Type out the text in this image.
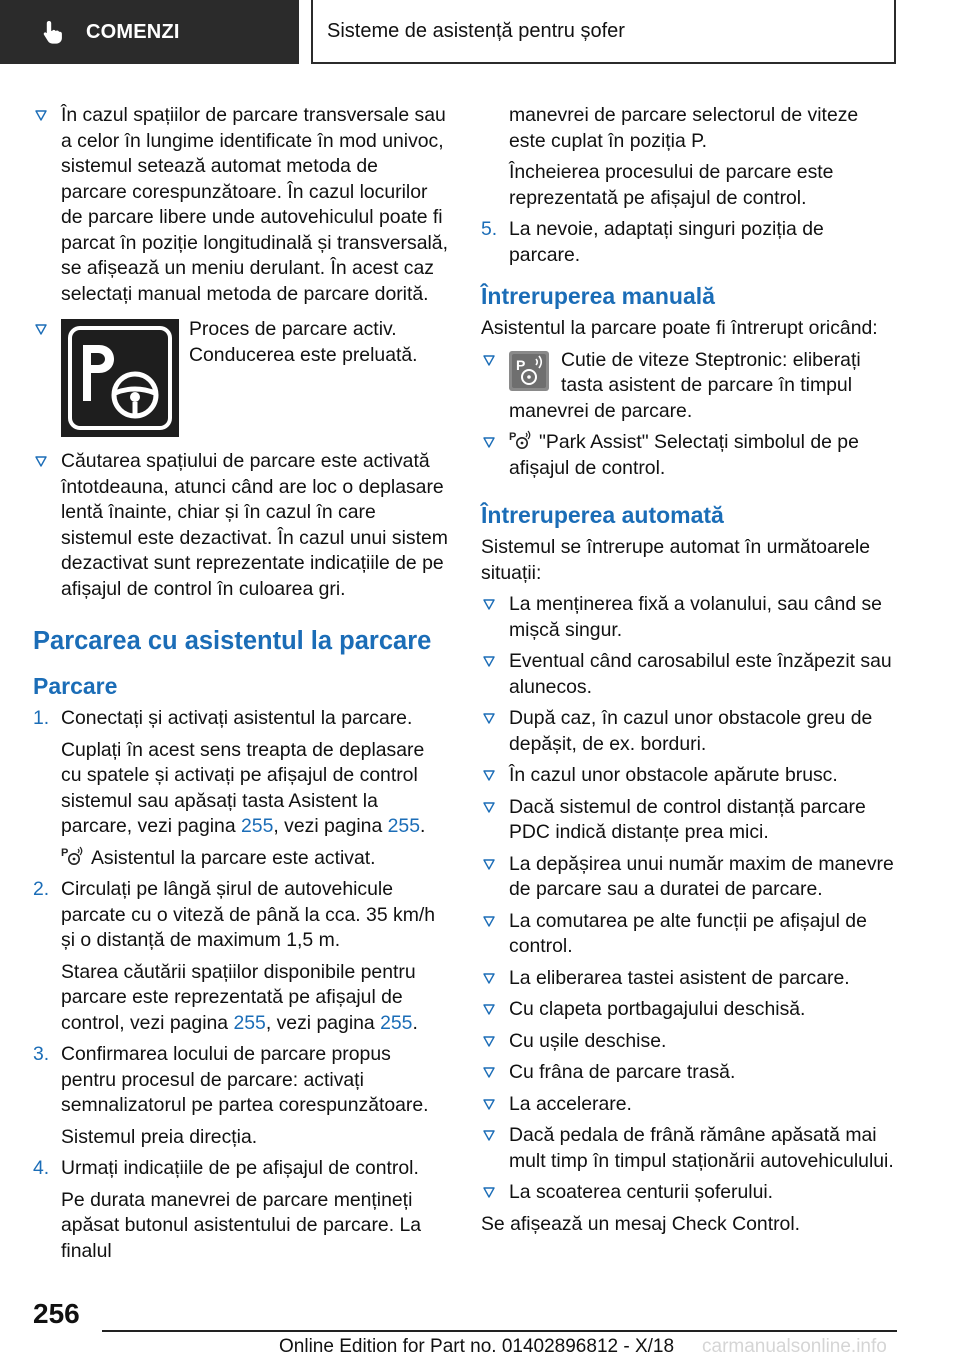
COMENZI	Sisteme de asistență pentru șofer
În cazul spațiilor de parcare transversale sau a celor în lungime identificate în mod univoc, sistemul setează automat metoda de parcare corespunzătoare. În cazul locurilor de parcare libere unde autovehiculul poate fi parcat în poziție longitudinală și transversală, se afișează un meniu derulant. În acest caz selectați manual metoda de parcare dorită.
Proces de parcare activ. Conducerea este preluată.
Căutarea spațiului de parcare este activată întotdeauna, atunci când are loc o deplasare lentă înainte, chiar și în cazul în care sistemul este dezactivat. În cazul unui sistem dezactivat sunt reprezentate indicațiile de pe afișajul de control în culoarea gri.
Parcarea cu asistentul la parcare
Parcare
1. Conectați și activați asistentul la parcare.
Cuplați în acest sens treapta de deplasare cu spatele și activați pe afișajul de control sistemul sau apăsați tasta Asistent la parcare, vezi pagina 255, vezi pagina 255.
Asistentul la parcare este activat.
2. Circulați pe lângă șirul de autovehicule parcate cu o viteză de până la cca. 35 km/h și o distanță de maximum 1,5 m.
Starea căutării spațiilor disponibile pentru parcare este reprezentată pe afișajul de control, vezi pagina 255, vezi pagina 255.
3. Confirmarea locului de parcare propus pentru procesul de parcare: activați semnalizatorul pe partea corespunzătoare.
Sistemul preia direcția.
4. Urmați indicațiile de pe afișajul de control.
Pe durata manevrei de parcare mențineți apăsat butonul asistentului de parcare. La finalul
manevrei de parcare selectorul de viteze este cuplat în poziția P.
Încheierea procesului de parcare este reprezentată pe afișajul de control.
5. La nevoie, adaptați singuri poziția de parcare.
Întreruperea manuală
Asistentul la parcare poate fi întrerupt oricând:
P Cutie de viteze Steptronic: eliberați tasta asistent de parcare în timpul manevrei de parcare.
"Park Assist" Selectați simbolul de pe afișajul de control.
Întreruperea automată
Sistemul se întrerupe automat în următoarele situații:
La menținerea fixă a volanului, sau când se mișcă singur.
Eventual când carosabilul este înzăpezit sau alunecos.
După caz, în cazul unor obstacole greu de depășit, de ex. borduri.
În cazul unor obstacole apărute brusc.
Dacă sistemul de control distanță parcare PDC indică distanțe prea mici.
La depășirea unui număr maxim de manevre de parcare sau a duratei de parcare.
La comutarea pe alte funcții pe afișajul de control.
La eliberarea tastei asistent de parcare.
Cu clapeta portbagajului deschisă.
Cu ușile deschise.
Cu frâna de parcare trasă.
La accelerare.
Dacă pedala de frână rămâne apăsată mai mult timp în timpul staționării autovehiculului.
La scoaterea centurii șoferului.
Se afișează un mesaj Check Control.
256
Online Edition for Part no. 01402896812 - X/18 carmanualsonline.info
